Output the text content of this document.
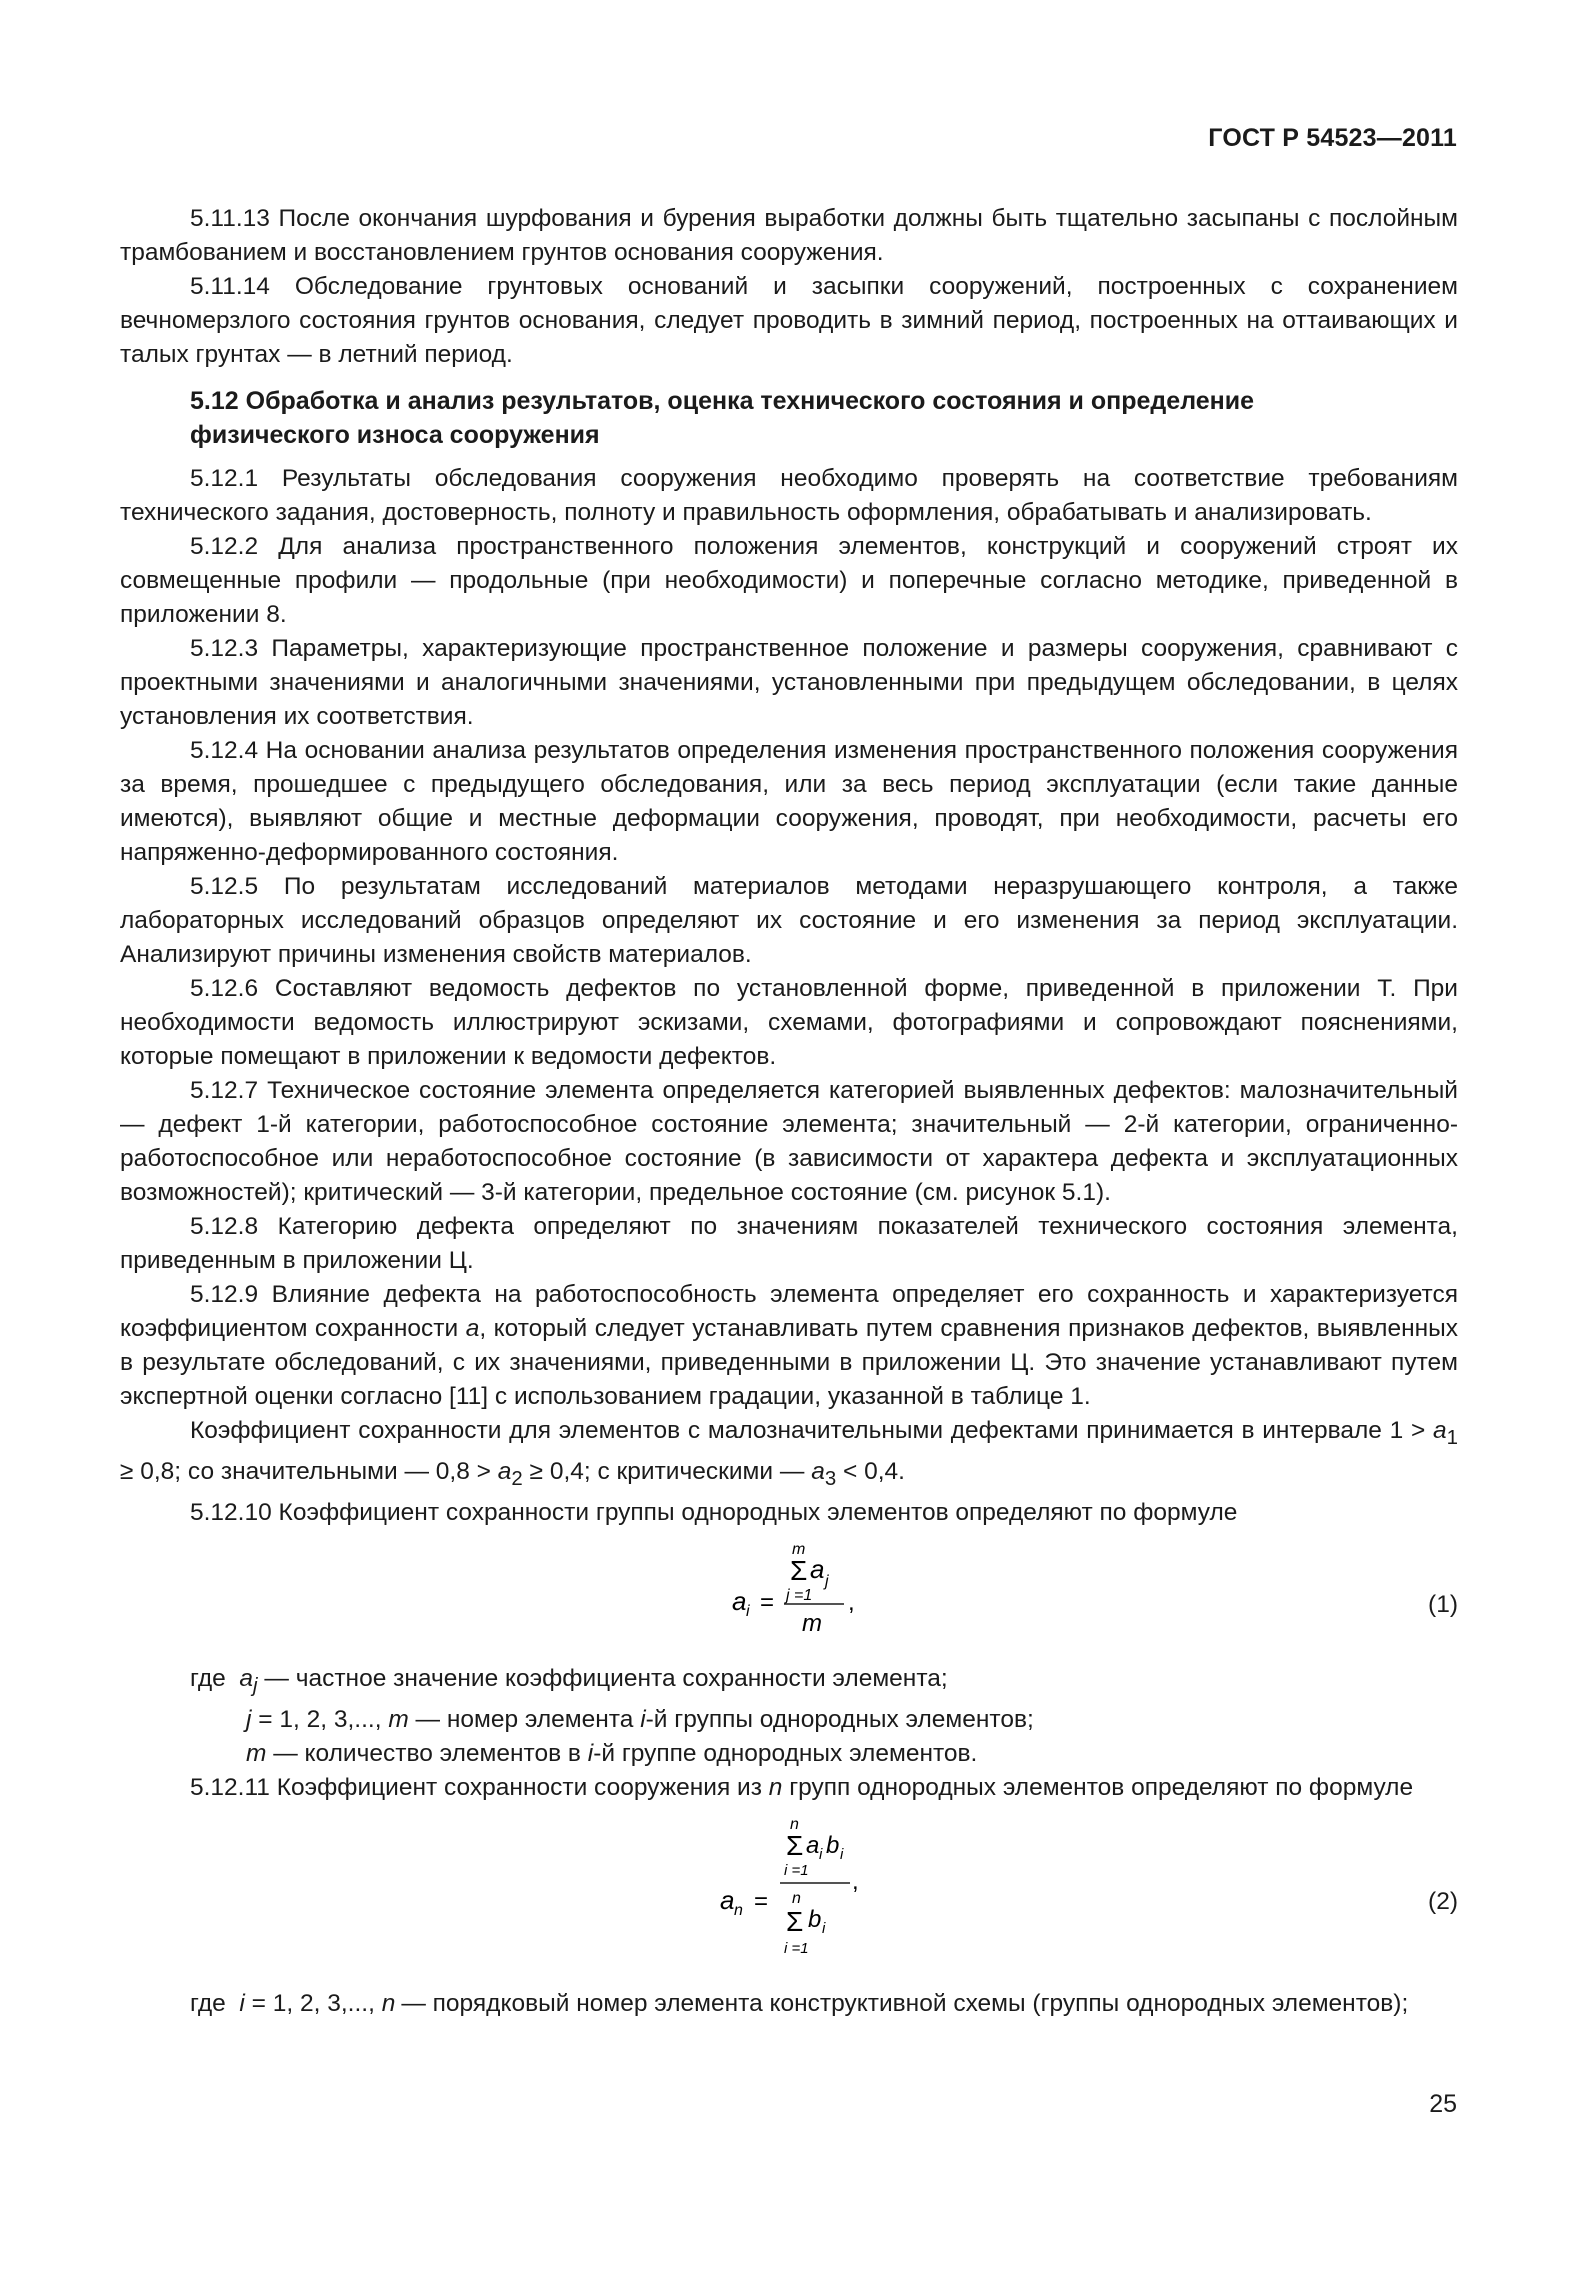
ГОСТ Р 54523—2011

5.11.13 После окончания шурфования и бурения выработки должны быть тщательно засыпаны с послойным трамбованием и восстановлением грунтов основания сооружения.

5.11.14 Обследование грунтовых оснований и засыпки сооружений, построенных с сохранением вечномерзлого состояния грунтов основания, следует проводить в зимний период, построенных на оттаивающих и талых грунтах — в летний период.

5.12 Обработка и анализ результатов, оценка технического состояния и определение физического износа сооружения

5.12.1 Результаты обследования сооружения необходимо проверять на соответствие требованиям технического задания, достоверность, полноту и правильность оформления, обрабатывать и анализировать.

5.12.2 Для анализа пространственного положения элементов, конструкций и сооружений строят их совмещенные профили — продольные (при необходимости) и поперечные согласно методике, приведенной в приложении 8.

5.12.3 Параметры, характеризующие пространственное положение и размеры сооружения, сравнивают с проектными значениями и аналогичными значениями, установленными при предыдущем обследовании, в целях установления их соответствия.

5.12.4 На основании анализа результатов определения изменения пространственного положения сооружения за время, прошедшее с предыдущего обследования, или за весь период эксплуатации (если такие данные имеются), выявляют общие и местные деформации сооружения, проводят, при необходимости, расчеты его напряженно-деформированного состояния.

5.12.5 По результатам исследований материалов методами неразрушающего контроля, а также лабораторных исследований образцов определяют их состояние и его изменения за период эксплуатации. Анализируют причины изменения свойств материалов.

5.12.6 Составляют ведомость дефектов по установленной форме, приведенной в приложении Т. При необходимости ведомость иллюстрируют эскизами, схемами, фотографиями и сопровождают пояснениями, которые помещают в приложении к ведомости дефектов.

5.12.7 Техническое состояние элемента определяется категорией выявленных дефектов: малозначительный — дефект 1-й категории, работоспособное состояние элемента; значительный — 2-й категории, ограниченно-работоспособное или неработоспособное состояние (в зависимости от характера дефекта и эксплуатационных возможностей); критический — 3-й категории, предельное состояние (см. рисунок 5.1).

5.12.8 Категорию дефекта определяют по значениям показателей технического состояния элемента, приведенным в приложении Ц.

5.12.9 Влияние дефекта на работоспособность элемента определяет его сохранность и характеризуется коэффициентом сохранности a, который следует устанавливать путем сравнения признаков дефектов, выявленных в результате обследований, с их значениями, приведенными в приложении Ц. Это значение устанавливают путем экспертной оценки согласно [11] с использованием градации, указанной в таблице 1.

Коэффициент сохранности для элементов с малозначительными дефектами принимается в интервале $1 > a_1 \ge 0,8$; со значительными — $0,8 > a_2 \ge 0,4$; с критическими — $a_3 < 0,4$.

5.12.10 Коэффициент сохранности группы однородных элементов определяют по формуле

a i =
m
Σ a j
j =1
m
,	(1)
где $a_j$ — частное значение коэффициента сохранности элемента;
j = 1, 2, 3,..., m — номер элемента i-й группы однородных элементов;
m — количество элементов в i-й группе однородных элементов.

5.12.11 Коэффициент сохранности сооружения из n групп однородных элементов определяют по формуле

a n =
n
Σ a i b i
i =1
n
Σ b i
i =1
,
(2)
где i = 1, 2, 3,..., n — порядковый номер элемента конструктивной схемы (группы однородных элементов);
25
